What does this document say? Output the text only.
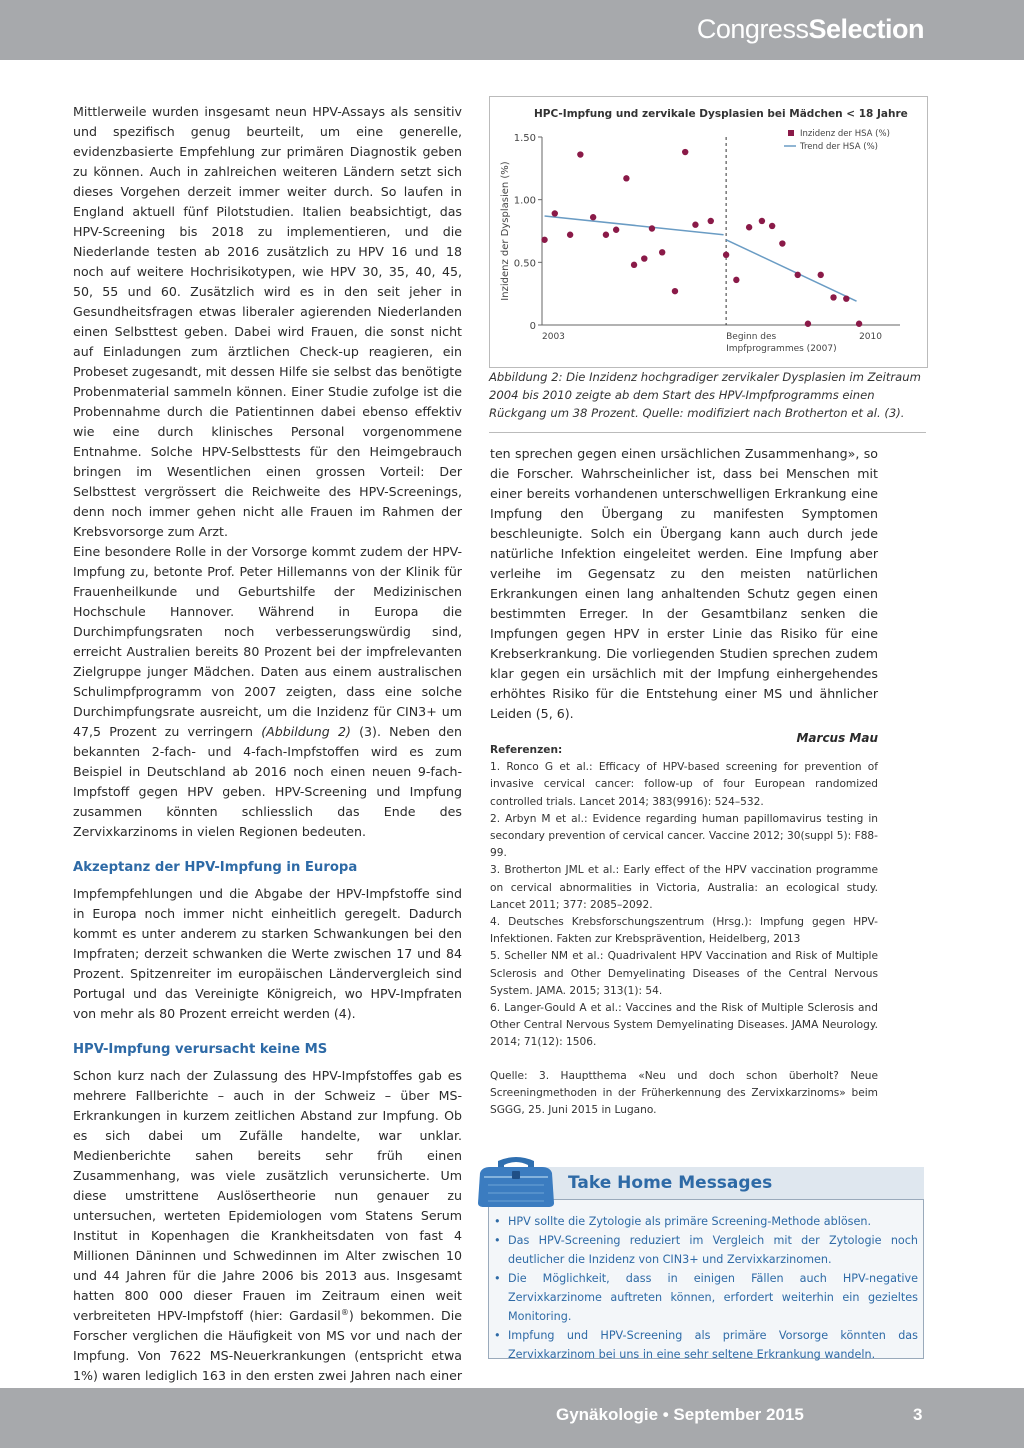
CongressSelection

Mittlerweile wurden insgesamt neun HPV-Assays als sensitiv und spezifisch genug beurteilt, um eine generelle, evidenzbasierte Empfehlung zur primären Diagnostik geben zu können. Auch in zahlreichen weiteren Ländern setzt sich dieses Vorgehen derzeit immer weiter durch. So laufen in England aktuell fünf Pilotstudien. Italien beabsichtigt, das HPV-Screening bis 2018 zu implementieren, und die Niederlande testen ab 2016 zusätzlich zu HPV 16 und 18 noch auf weitere Hochrisikotypen, wie HPV 30, 35, 40, 45, 50, 55 und 60. Zusätzlich wird es in den seit jeher in Gesundheitsfragen etwas liberaler agierenden Niederlanden einen Selbsttest geben. Dabei wird Frauen, die sonst nicht auf Einladungen zum ärztlichen Check-up reagieren, ein Probeset zugesandt, mit dessen Hilfe sie selbst das benötigte Probenmaterial sammeln können. Einer Studie zufolge ist die Probennahme durch die Patientinnen dabei ebenso effektiv wie eine durch klinisches Personal vorgenommene Entnahme. Solche HPV-Selbsttests für den Heimgebrauch bringen im Wesentlichen einen grossen Vorteil: Der Selbsttest vergrössert die Reichweite des HPV-Screenings, denn noch immer gehen nicht alle Frauen im Rahmen der Krebsvorsorge zum Arzt.

Eine besondere Rolle in der Vorsorge kommt zudem der HPV-Impfung zu, betonte Prof. Peter Hillemanns von der Klinik für Frauenheilkunde und Geburtshilfe der Medizinischen Hochschule Hannover. Während in Europa die Durchimpfungsraten noch verbesserungswürdig sind, erreicht Australien bereits 80 Prozent bei der impfrelevanten Zielgruppe junger Mädchen. Daten aus einem australischen Schulimpfprogramm von 2007 zeigten, dass eine solche Durchimpfungsrate ausreicht, um die Inzidenz für CIN3+ um 47,5 Prozent zu verringern (Abbildung 2) (3). Neben den bekannten 2-fach- und 4-fach-Impfstoffen wird es zum Beispiel in Deutschland ab 2016 noch einen neuen 9-fach-Impfstoff gegen HPV geben. HPV-Screening und Impfung zusammen könnten schliesslich das Ende des Zervixkarzinoms in vielen Regionen bedeuten.

Akzeptanz der HPV-Impfung in Europa

Impfempfehlungen und die Abgabe der HPV-Impfstoffe sind in Europa noch immer nicht einheitlich geregelt. Dadurch kommt es unter anderem zu starken Schwankungen bei den Impfraten; derzeit schwanken die Werte zwischen 17 und 84 Prozent. Spitzenreiter im europäischen Ländervergleich sind Portugal und das Vereinigte Königreich, wo HPV-Impfraten von mehr als 80 Prozent erreicht werden (4).

HPV-Impfung verursacht keine MS

Schon kurz nach der Zulassung des HPV-Impfstoffes gab es mehrere Fallberichte – auch in der Schweiz – über MS-Erkrankungen in kurzem zeitlichen Abstand zur Impfung. Ob es sich dabei um Zufälle handelte, war unklar. Medienberichte sahen bereits sehr früh einen Zusammenhang, was viele zusätzlich verunsicherte. Um diese umstrittene Auslösertheorie nun genauer zu untersuchen, werteten Epidemiologen vom Statens Serum Institut in Kopenhagen die Krankheitsdaten von fast 4 Millionen Däninnen und Schwedinnen im Alter zwischen 10 und 44 Jahren für die Jahre 2006 bis 2013 aus. Insgesamt hatten 800 000 dieser Frauen im Zeitraum einen weit verbreiteten HPV-Impfstoff (hier: Gardasil®) bekommen. Die Forscher verglichen die Häufigkeit von MS vor und nach der Impfung. Von 7622 MS-Neuerkrankungen (entspricht etwa 1%) waren lediglich 163 in den ersten zwei Jahren nach einer

HPC-Impfung und zervikale Dysplasien bei Mädchen < 18 Jahre
0
0.50
1.00
1.50
Inzidenz der Dysplasien (%)
2003	Beginn des Impfprogrammes (2007)
2010
Inzidenz der HSA (%)
Trend der HSA (%)
Abbildung 2: Die Inzidenz hochgradiger zervikaler Dysplasien im Zeitraum 2004 bis 2010 zeigte ab dem Start des HPV-Impfprogramms einen Rückgang um 38 Prozent. Quelle: modifiziert nach Brotherton et al. (3).

ten sprechen gegen einen ursächlichen Zusammenhang», so die Forscher. Wahrscheinlicher ist, dass bei Menschen mit einer bereits vorhandenen unterschwelligen Erkrankung eine Impfung den Übergang zu manifesten Symptomen beschleunigte. Solch ein Übergang kann auch durch jede natürliche Infektion eingeleitet werden. Eine Impfung aber verleihe im Gegensatz zu den meisten natürlichen Erkrankungen einen lang anhaltenden Schutz gegen einen bestimmten Erreger. In der Gesamtbilanz senken die Impfungen gegen HPV in erster Linie das Risiko für eine Krebserkrankung. Die vorliegenden Studien sprechen zudem klar gegen ein ursächlich mit der Impfung einhergehendes erhöhtes Risiko für die Entstehung einer MS und ähnlicher Leiden (5, 6).

Marcus Mau
Referenzen:

1. Ronco G et al.: Efficacy of HPV-based screening for prevention of invasive cervical cancer: follow-up of four European randomized controlled trials. Lancet 2014; 383(9916): 524–532.

2. Arbyn M et al.: Evidence regarding human papillomavirus testing in secondary prevention of cervical cancer. Vaccine 2012; 30(suppl 5): F88-99.

3. Brotherton JML et al.: Early effect of the HPV vaccination programme on cervical abnormalities in Victoria, Australia: an ecological study. Lancet 2011; 377: 2085–2092.

4. Deutsches Krebsforschungszentrum (Hrsg.): Impfung gegen HPV-Infektionen. Fakten zur Krebsprävention, Heidelberg, 2013

5. Scheller NM et al.: Quadrivalent HPV Vaccination and Risk of Multiple Sclerosis and Other Demyelinating Diseases of the Central Nervous System. JAMA. 2015; 313(1): 54.

6. Langer-Gould A et al.: Vaccines and the Risk of Multiple Sclerosis and Other Central Nervous System Demyelinating Diseases. JAMA Neurology. 2014; 71(12): 1506.

Quelle: 3. Hauptthema «Neu und doch schon überholt? Neue Screeningmethoden in der Früherkennung des Zervixkarzinoms» beim SGGG, 25. Juni 2015 in Lugano.

Take Home Messages
• HPV sollte die Zytologie als primäre Screening-Methode ablösen.
• Das HPV-Screening reduziert im Vergleich mit der Zytologie noch deutlicher die Inzidenz von CIN3+ und Zervixkarzinomen.
• Die Möglichkeit, dass in einigen Fällen auch HPV-negative Zervixkarzinome auftreten können, erfordert weiterhin ein gezieltes Monitoring.
• Impfung und HPV-Screening als primäre Vorsorge könnten das Zervixkarzinom bei uns in eine sehr seltene Erkrankung wandeln.
Gynäkologie • September 2015	3
